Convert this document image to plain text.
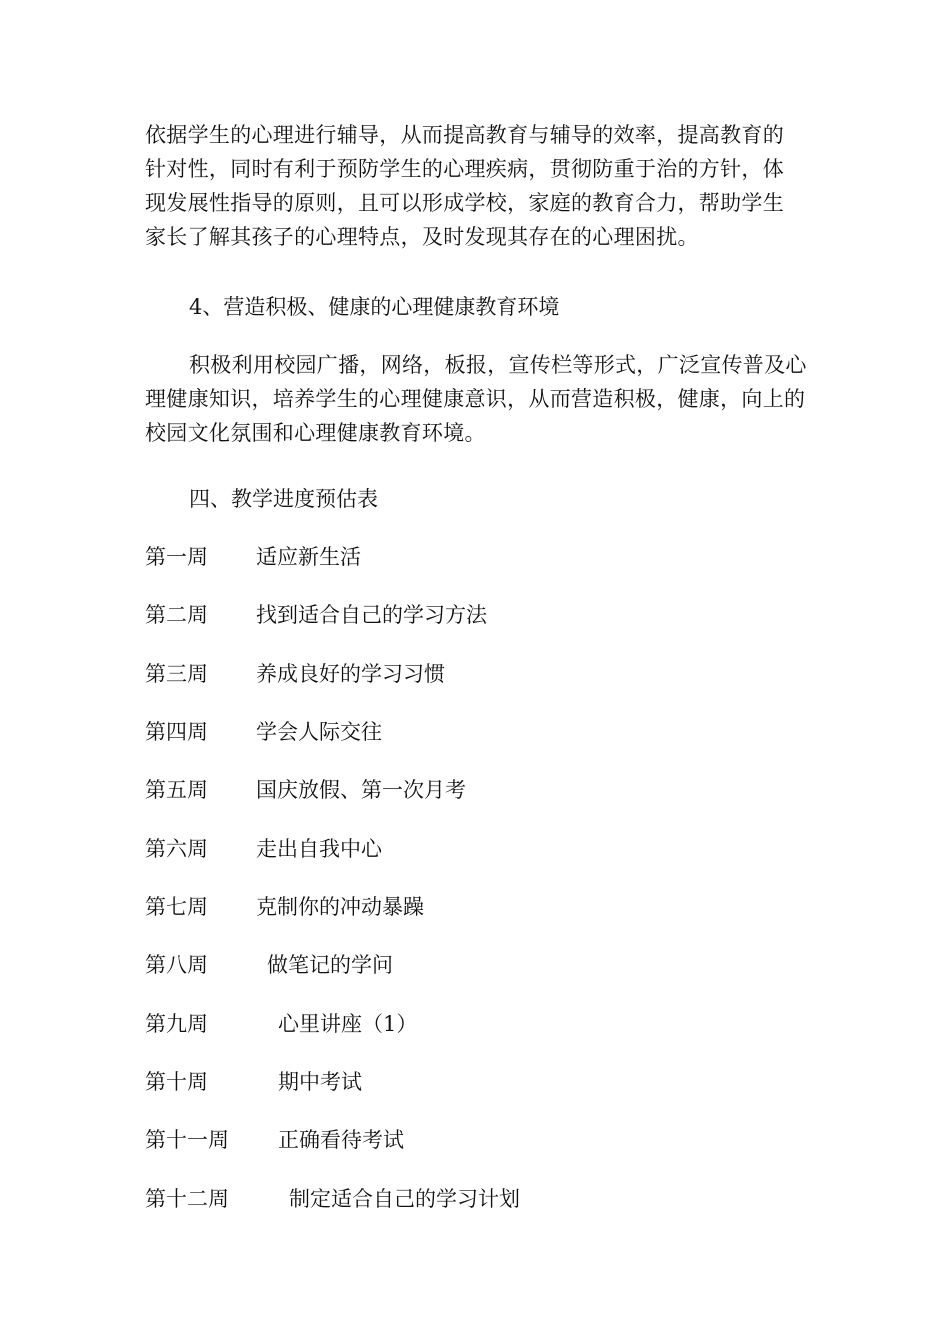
依据学生的心理进行辅导，从而提高教育与辅导的效率，提高教育的
针对性，同时有利于预防学生的心理疾病，贯彻防重于治的方针，体
现发展性指导的原则，且可以形成学校，家庭的教育合力，帮助学生
家长了解其孩子的心理特点，及时发现其存在的心理困扰。
4、营造积极、健康的心理健康教育环境
积极利用校园广播，网络，板报，宣传栏等形式，广泛宣传普及心
理健康知识，培养学生的心理健康意识，从而营造积极，健康，向上的
校园文化氛围和心理健康教育环境。
四、教学进度预估表
第一周 适应新生活
第二周 找到适合自己的学习方法
第三周 养成良好的学习习惯
第四周 学会人际交往
第五周 国庆放假、第一次月考
第六周 走出自我中心
第七周 克制你的冲动暴躁
第八周	做笔记的学问
第九周	心里讲座（1）
第十周	期中考试
第十一周 正确看待考试
第十二周	制定适合自己的学习计划
